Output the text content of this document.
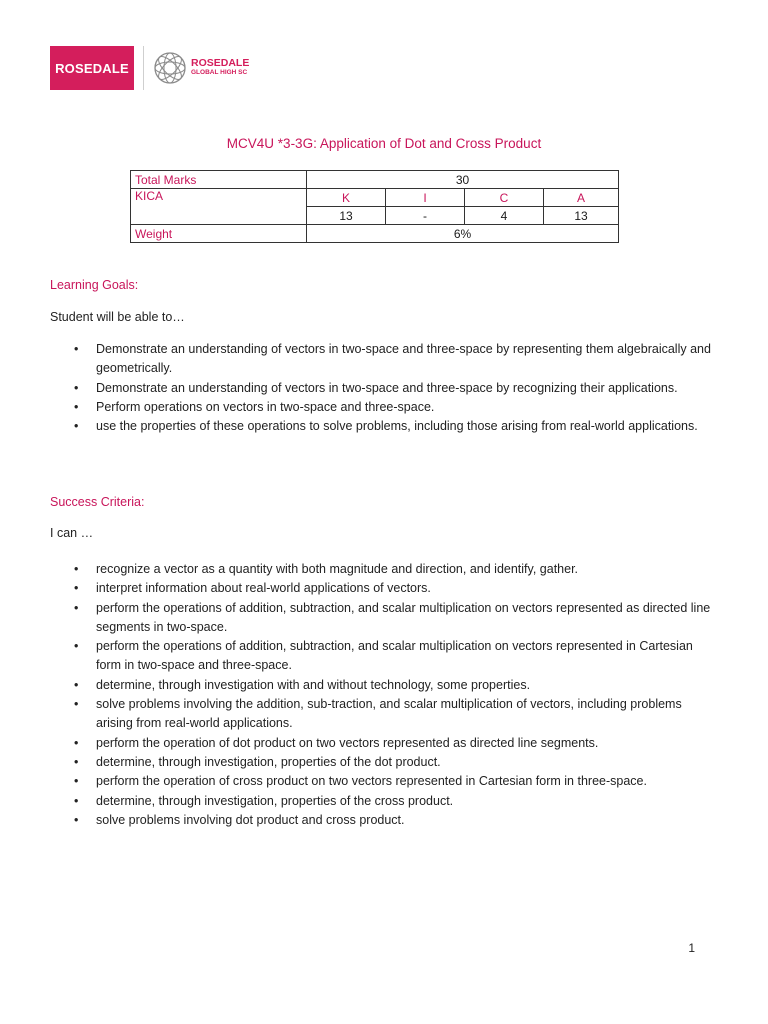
ROSEDALE	ROSEDALE
GLOBAL HIGH SC
MCV4U *3-3G: Application of Dot and Cross Product
Total Marks	30			
KICA	K	I	C	A
	13	-	4	13
Weight	6%			
Learning Goals:
Student will be able to…
• Demonstrate an understanding of vectors in two-space and three-space by representing them algebraically and geometrically.
• Demonstrate an understanding of vectors in two-space and three-space by recognizing their applications.
• Perform operations on vectors in two-space and three-space.
• use the properties of these operations to solve problems, including those arising from real-world applications.
Success Criteria:
I can …
• recognize a vector as a quantity with both magnitude and direction, and identify, gather.
• interpret information about real-world applications of vectors.
• perform the operations of addition, subtraction, and scalar multiplication on vectors represented as directed line segments in two-space.
• perform the operations of addition, subtraction, and scalar multiplication on vectors represented in Cartesian form in two-space and three-space.
• determine, through investigation with and without technology, some properties.
• solve problems involving the addition, sub-traction, and scalar multiplication of vectors, including problems arising from real-world applications.
• perform the operation of dot product on two vectors represented as directed line segments.
• determine, through investigation, properties of the dot product.
• perform the operation of cross product on two vectors represented in Cartesian form in three-space.
• determine, through investigation, properties of the cross product.
• solve problems involving dot product and cross product.
1
